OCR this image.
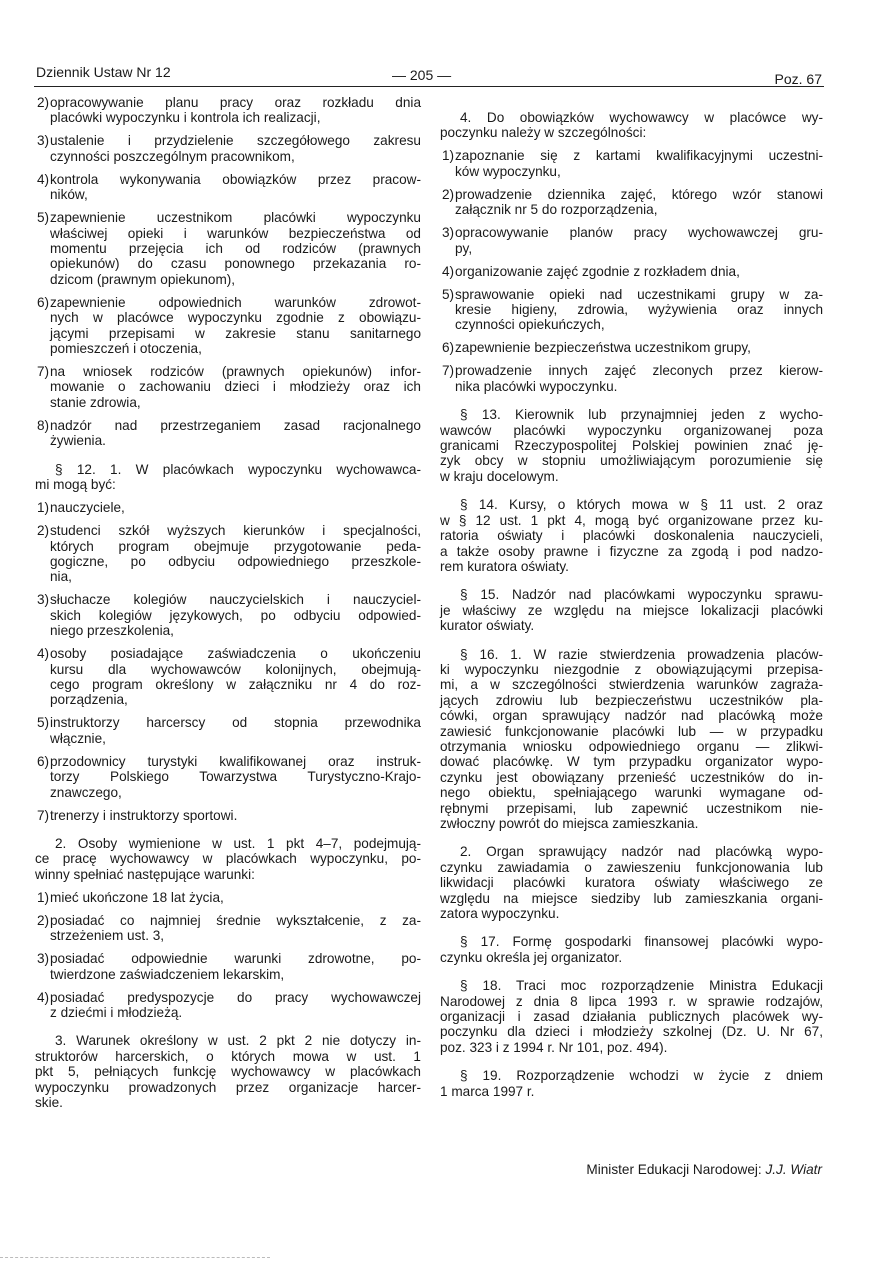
Dziennik Ustaw Nr 12	— 205 —	Poz. 67
2) opracowywanie planu pracy oraz rozkładu dnia
placówki wypoczynku i kontrola ich realizacji,
3) ustalenie i przydzielenie szczegółowego zakresu
czynności poszczególnym pracownikom,
4) kontrola wykonywania obowiązków przez pracow-
ników,
5) zapewnienie uczestnikom placówki wypoczynku
właściwej opieki i warunków bezpieczeństwa od
momentu przejęcia ich od rodziców (prawnych
opiekunów) do czasu ponownego przekazania ro-
dzicom (prawnym opiekunom),
6) zapewnienie odpowiednich warunków zdrowot-
nych w placówce wypoczynku zgodnie z obowiązu-
jącymi przepisami w zakresie stanu sanitarnego
pomieszczeń i otoczenia,
7) na wniosek rodziców (prawnych opiekunów) infor-
mowanie o zachowaniu dzieci i młodzieży oraz ich
stanie zdrowia,
8) nadzór nad przestrzeganiem zasad racjonalnego
żywienia.
§ 12. 1. W placówkach wypoczynku wychowawca-
mi mogą być:
1) nauczyciele,
2) studenci szkół wyższych kierunków i specjalności,
których program obejmuje przygotowanie peda-
gogiczne, po odbyciu odpowiedniego przeszkole-
nia,
3) słuchacze kolegiów nauczycielskich i nauczyciel-
skich kolegiów językowych, po odbyciu odpowied-
niego przeszkolenia,
4) osoby posiadające zaświadczenia o ukończeniu
kursu dla wychowawców kolonijnych, obejmują-
cego program określony w załączniku nr 4 do roz-
porządzenia,
5) instruktorzy harcerscy od stopnia przewodnika
włącznie,
6) przodownicy turystyki kwalifikowanej oraz instruk-
torzy Polskiego Towarzystwa Turystyczno-Krajo-
znawczego,
7) trenerzy i instruktorzy sportowi.
2. Osoby wymienione w ust. 1 pkt 4–7, podejmują-
ce pracę wychowawcy w placówkach wypoczynku, po-
winny spełniać następujące warunki:
1) mieć ukończone 18 lat życia,
2) posiadać co najmniej średnie wykształcenie, z za-
strzeżeniem ust. 3,
3) posiadać odpowiednie warunki zdrowotne, po-
twierdzone zaświadczeniem lekarskim,
4) posiadać predyspozycje do pracy wychowawczej
z dziećmi i młodzieżą.
3. Warunek określony w ust. 2 pkt 2 nie dotyczy in-
struktorów harcerskich, o których mowa w ust. 1
pkt 5, pełniących funkcję wychowawcy w placówkach
wypoczynku prowadzonych przez organizacje harcer-
skie.
4. Do obowiązków wychowawcy w placówce wy-
poczynku należy w szczególności:
1) zapoznanie się z kartami kwalifikacyjnymi uczestni-
ków wypoczynku,
2) prowadzenie dziennika zajęć, którego wzór stanowi
załącznik nr 5 do rozporządzenia,
3) opracowywanie planów pracy wychowawczej gru-
py,
4) organizowanie zajęć zgodnie z rozkładem dnia,
5) sprawowanie opieki nad uczestnikami grupy w za-
kresie higieny, zdrowia, wyżywienia oraz innych
czynności opiekuńczych,
6) zapewnienie bezpieczeństwa uczestnikom grupy,
7) prowadzenie innych zajęć zleconych przez kierow-
nika placówki wypoczynku.
§ 13. Kierownik lub przynajmniej jeden z wycho-
wawców placówki wypoczynku organizowanej poza
granicami Rzeczypospolitej Polskiej powinien znać ję-
zyk obcy w stopniu umożliwiającym porozumienie się
w kraju docelowym.
§ 14. Kursy, o których mowa w § 11 ust. 2 oraz
w § 12 ust. 1 pkt 4, mogą być organizowane przez ku-
ratoria oświaty i placówki doskonalenia nauczycieli,
a także osoby prawne i fizyczne za zgodą i pod nadzo-
rem kuratora oświaty.
§ 15. Nadzór nad placówkami wypoczynku sprawu-
je właściwy ze względu na miejsce lokalizacji placówki
kurator oświaty.
§ 16. 1. W razie stwierdzenia prowadzenia placów-
ki wypoczynku niezgodnie z obowiązującymi przepisa-
mi, a w szczególności stwierdzenia warunków zagraża-
jących zdrowiu lub bezpieczeństwu uczestników pla-
cówki, organ sprawujący nadzór nad placówką może
zawiesić funkcjonowanie placówki lub — w przypadku
otrzymania wniosku odpowiedniego organu — zlikwi-
dować placówkę. W tym przypadku organizator wypo-
czynku jest obowiązany przenieść uczestników do in-
nego obiektu, spełniającego warunki wymagane od-
rębnymi przepisami, lub zapewnić uczestnikom nie-
zwłoczny powrót do miejsca zamieszkania.
2. Organ sprawujący nadzór nad placówką wypo-
czynku zawiadamia o zawieszeniu funkcjonowania lub
likwidacji placówki kuratora oświaty właściwego ze
względu na miejsce siedziby lub zamieszkania organi-
zatora wypoczynku.
§ 17. Formę gospodarki finansowej placówki wypo-
czynku określa jej organizator.
§ 18. Traci moc rozporządzenie Ministra Edukacji
Narodowej z dnia 8 lipca 1993 r. w sprawie rodzajów,
organizacji i zasad działania publicznych placówek wy-
poczynku dla dzieci i młodzieży szkolnej (Dz. U. Nr 67,
poz. 323 i z 1994 r. Nr 101, poz. 494).
§ 19. Rozporządzenie wchodzi w życie z dniem
1 marca 1997 r.
Minister Edukacji Narodowej: J.J. Wiatr
